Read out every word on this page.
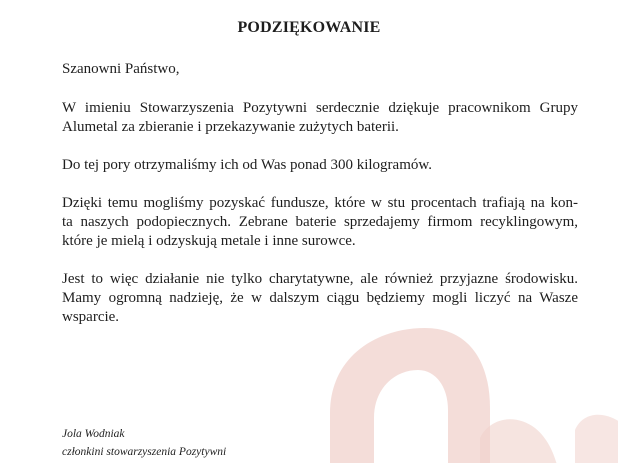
PODZIĘKOWANIE

Szanowni Państwo,

W imieniu Stowarzyszenia Pozytywni serdecznie dziękuje pracownikom Grupy
Alumetal za zbieranie i przekazywanie zużytych baterii.

Do tej pory otrzymaliśmy ich od Was ponad 300 kilogramów.

Dzięki temu mogliśmy pozyskać fundusze, które w stu procentach trafiają na kon-
ta naszych podopiecznych. Zebrane baterie sprzedajemy firmom recyklingowym,
które je mielą i odzyskują metale i inne surowce.

Jest to więc działanie nie tylko charytatywne, ale również przyjazne środowisku.
Mamy ogromną nadzieję, że w dalszym ciągu będziemy mogli liczyć na Wasze
wsparcie.

Jola Wodniak
członkini stowarzyszenia Pozytywni
